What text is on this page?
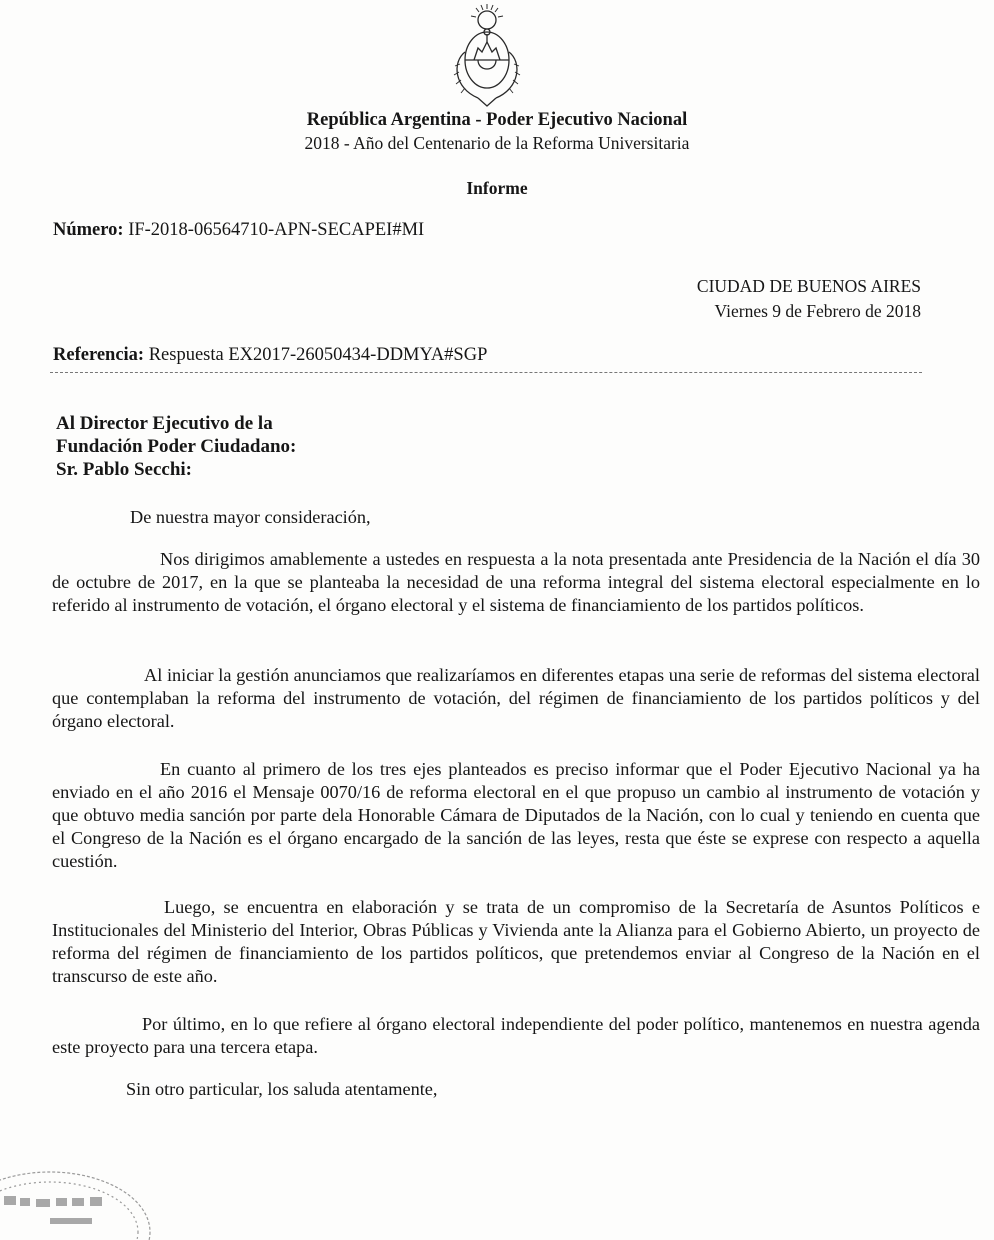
República Argentina - Poder Ejecutivo Nacional
2018 - Año del Centenario de la Reforma Universitaria
Informe
Número: IF-2018-06564710-APN-SECAPEI#MI
CIUDAD DE BUENOS AIRES
Viernes 9 de Febrero de 2018
Referencia: Respuesta EX2017-26050434-DDMYA#SGP
Al Director Ejecutivo de la
Fundación Poder Ciudadano:
Sr. Pablo Secchi:
De nuestra mayor consideración,
Nos dirigimos amablemente a ustedes en respuesta a la nota presentada ante Presidencia de la Nación el día 30 de octubre de 2017, en la que se planteaba la necesidad de una reforma integral del sistema electoral especialmente en lo referido al instrumento de votación, el órgano electoral y el sistema de financiamiento de los partidos políticos.
Al iniciar la gestión anunciamos que realizaríamos en diferentes etapas una serie de reformas del sistema electoral que contemplaban la reforma del instrumento de votación, del régimen de financiamiento de los partidos políticos y del órgano electoral.
En cuanto al primero de los tres ejes planteados es preciso informar que el Poder Ejecutivo Nacional ya ha enviado en el año 2016 el Mensaje 0070/16 de reforma electoral en el que propuso un cambio al instrumento de votación y que obtuvo media sanción por parte dela Honorable Cámara de Diputados de la Nación, con lo cual y teniendo en cuenta que el Congreso de la Nación es el órgano encargado de la sanción de las leyes, resta que éste se exprese con respecto a aquella cuestión.
Luego, se encuentra en elaboración y se trata de un compromiso de la Secretaría de Asuntos Políticos e Institucionales del Ministerio del Interior, Obras Públicas y Vivienda ante la Alianza para el Gobierno Abierto, un proyecto de reforma del régimen de financiamiento de los partidos políticos, que pretendemos enviar al Congreso de la Nación en el transcurso de este año.
Por último, en lo que refiere al órgano electoral independiente del poder político, mantenemos en nuestra agenda este proyecto para una tercera etapa.
Sin otro particular, los saluda atentamente,
